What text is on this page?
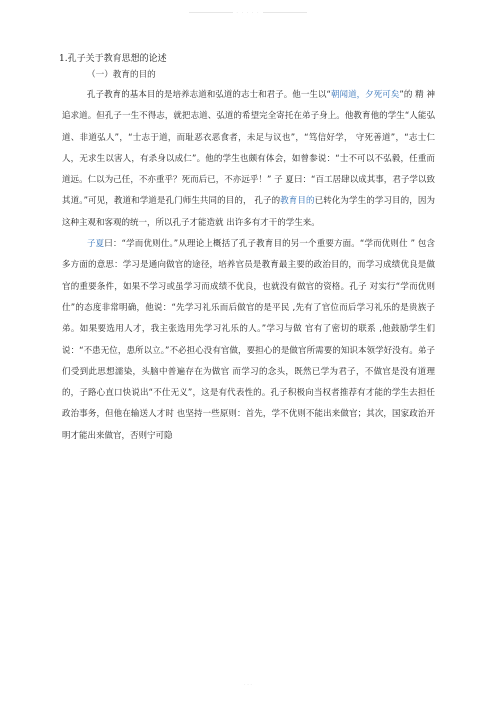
· · · · ·
1.孔子关于教育思想的论述
（一）教育的目的

孔子教育的基本目的是培养志道和弘道的志士和君子。他一生以“朝闻道，夕死可矣”的 精 神追求道。但孔子一生不得志，就把志道、弘道的希望完全寄托在弟子身上。他教育他的学生“人能弘道、非道弘人”，“士志于道，而耻恶衣恶食者，未足与议也”，“笃信好学， 守死善道”，“志士仁人，无求生以害人，有杀身以成仁”。他的学生也颇有体会，如曾参说：“士不可以不弘毅，任重而道远。仁以为己任，不亦重乎？死而后已，不亦远乎！” 子 夏曰：“百工居肆以成其事，君子学以致其道。”可见，教道和学道是孔门师生共同的目的， 孔子的教育目的已转化为学生的学习目的，因为这种主观和客观的统一，所以孔子才能造就 出许多有才干的学生来。

子夏曰：“学而优则仕。”从理论上概括了孔子教育目的另一个重要方面。“学而优则仕 ” 包含多方面的意思：学习是通向做官的途径，培养官员是教育最主要的政治目的，而学习成绩优良是做官的重要条件，如果不学习或虽学习而成绩不优良，也就没有做官的资格。孔子 对实行“学而优则仕”的态度非常明确，他说：“先学习礼乐而后做官的是平民 ,先有了官位而后学习礼乐的是贵族子弟。如果要选用人才，我主张选用先学习礼乐的人。”学习与做 官有了密切的联系 ,他鼓励学生们说：“不患无位，患所以立。”不必担心没有官做，要担心的是做官所需要的知识本领学好没有。弟子们受到此思想濡染，头脑中普遍存在为做官 而学习的念头，既然已学为君子，不做官是没有道理的，子路心直口快说出“不仕无义”，这是有代表性的。孔子积极向当权者推荐有才能的学生去担任政治事务，但他在输送人才时 也坚持一些原则：首先，学不优则不能出来做官；其次，国家政治开明才能出来做官，否则宁可隐

· · ·
